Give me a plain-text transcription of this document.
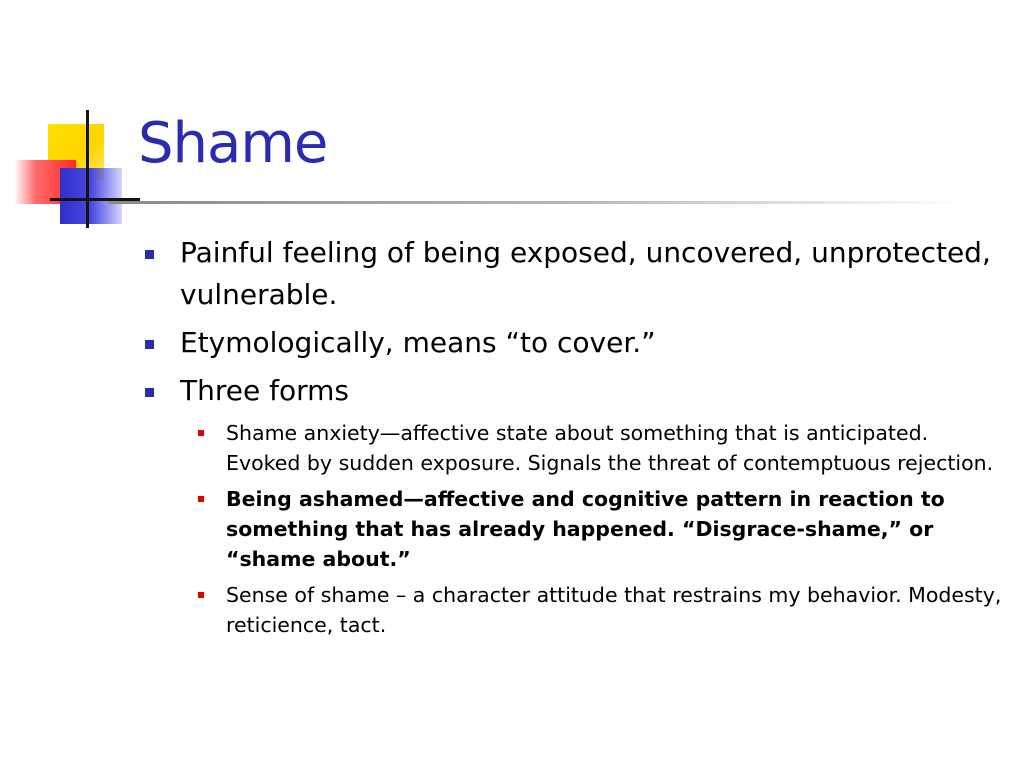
Shame
Painful feeling of being exposed, uncovered, unprotected, vulnerable.
Etymologically, means “to cover.”
Three forms
Shame anxiety—affective state about something that is anticipated. Evoked by sudden exposure. Signals the threat of contemptuous rejection.
Being ashamed—affective and cognitive pattern in reaction to something that has already happened. “Disgrace-shame,” or “shame about.”
Sense of shame – a character attitude that restrains my behavior. Modesty, reticience, tact.
